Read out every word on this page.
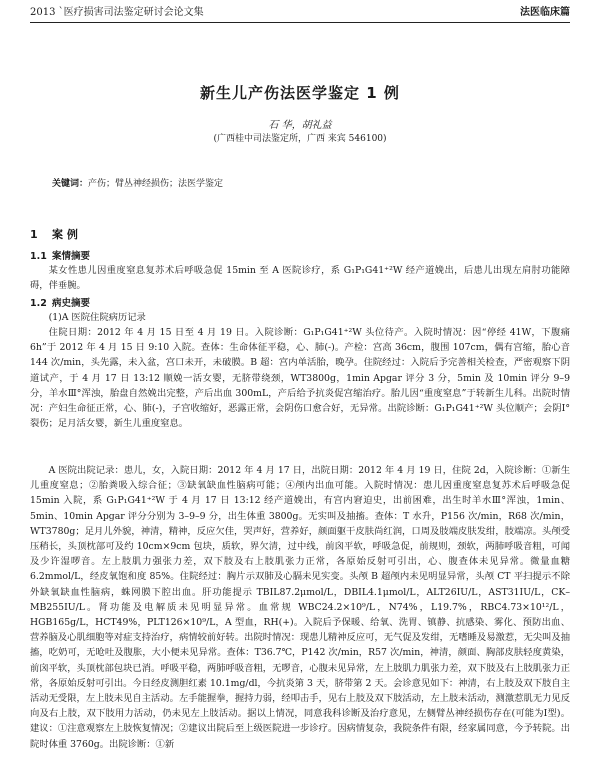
2013 `医疗损害司法鉴定研讨会论文集	法医临床篇
新生儿产伤法医学鉴定 1 例
石 华，胡礼益
(广西桂中司法鉴定所，广西 来宾 546100)
关键词：产伤；臂丛神经损伤；法医学鉴定
1 案 例
1.1 案情摘要
某女性患儿因重度窒息复苏术后呼吸急促 15min 至 A 医院诊疗，系 G₁P₁G41⁺²W 经产道娩出，后患儿出现左肩肘功能障碍，伴垂腕。
1.2 病史摘要
(1)A 医院住院病历记录
住院日期：2012 年 4 月 15 日至 4 月 19 日。入院诊断：G₁P₁G41⁺²W 头位待产。入院时情况：因“停经 41W，下腹痛 6h”于 2012 年 4 月 15 日 9:10 入院。查体：生命体征平稳，心、肺(-)。产检：宫高 36cm，腹围 107cm，偶有宫缩，胎心音 144 次/min，头先露，未入盆，宫口未开，未破膜。B 超：宫内单活胎，晚孕。住院经过：入院后予完善相关检查，严密观察下阴道试产，于 4 月 17 日 13:12 顺娩一活女婴，无脐带绕颈，WT3800g，1min Apgar 评分 3 分，5min 及 10min 评分 9–9 分，羊水Ⅲ°浑浊，胎盘自然娩出完整，产后出血 300mL，产后给予抗炎促宫缩治疗。胎儿因“重度窒息”于转新生儿科。出院时情况：产妇生命征正常，心、肺(-)，子宫收缩好，恶露正常，会阴伤口愈合好，无异常。出院诊断：G₁P₁G41⁺²W 头位顺产；会阴Ⅰ°裂伤；足月活女婴，新生儿重度窒息。
A 医院出院记录：患儿，女，入院日期：2012 年 4 月 17 日，出院日期：2012 年 4 月 19 日，住院 2d，入院诊断：①新生儿重度窒息；②胎粪吸入综合征；③缺氧缺血性脑病可能；④颅内出血可能。入院时情况：患儿因重度窒息复苏术后呼吸急促 15min 入院，系 G₁P₁G41⁺²W 于 4 月 17 日 13:12 经产道娩出，有宫内窘迫史，出前困难，出生时羊水Ⅲ°浑浊，1min、5min、10min Apgar 评分分别为 3–9–9 分，出生体重 3800g。无实叫及抽搐。查体：T 水升，P156 次/min，R68 次/min，WT3780g；足月儿外貌，神清，精神，反应欠佳，哭声好，营养好，颜面躯干皮肤尚红润，口周及肢端皮肤发绀，肢端凉。头颅受压稍长，头顶枕部可及约 10cm×9cm 包块，质软，界欠清，过中线，前囟平软，呼吸急促，前规则，颈软，两肺呼吸音粗，可闻及少许湿啰音。左上肢肌力强张力差，双下肢及右上肢肌张力正常，各原始反射可引出，心、腹查体未见异常。微量血糖 6.2mmol/L，经皮氧饱和度 85%。住院经过：胸片示双肺及心膈未见实变。头颅 B 超颅内未见明显异常，头颅 CT 平扫提示不除外缺氧缺血性脑病，蛛网膜下腔出血。肝功能提示 TBIL87.2μmol/L，DBIL4.1μmol/L，ALT26IU/L，AST31IU/L，CK–MB255IU/L。肾功能及电解质未见明显异常。血常规 WBC24.2×10⁹/L，N74%，L19.7%，RBC4.73×10¹²/L，HGB165g/L，HCT49%，PLT126×10⁹/L，A 型血，RH(+)。入院后予保暖、给氧、洗胃、镇静、抗感染、雾化、预防出血、营养脑及心肌细胞等对症支持治疗，病情较前好转。出院时情况：现患儿精神反应可，无气促及发绀，无嗜睡及易激惹，无尖叫及抽搐，吃奶可，无呛吐及腹胀，大小便未见异常。查体：T36.7℃，P142 次/min，R57 次/min，神清，颜面、胸部皮肤轻度黄染，前囟平软，头顶枕部包块已消。呼吸平稳，两肺呼吸音粗，无啰音，心腹未见异常，左上肢肌力肌张力差，双下肢及右上肢肌张力正常，各原始反射可引出。今日经皮测胆红素 10.1mg/dl，今抗炎第 3 天，脐带第 2 天。会诊意见如下：神清，右上肢及双下肢自主活动无受限，左上肢未见自主活动。左手能握拳，握持力弱，经叩击手，见右上肢及双下肢活动，左上肢未活动，测激惹肌无力见反向及右上肢，双下肢用力活动，仍未见左上肢活动。据以上情况，同意我科诊断及治疗意见，左侧臂丛神经损伤存在(可能为Ⅰ型)。建议：①注意观察左上肢恢复情况；②建议出院后至上级医院进一步诊疗。因病情复杂，我院条件有限，经家属同意，今予转院。出院时体重 3760g。出院诊断：①新
